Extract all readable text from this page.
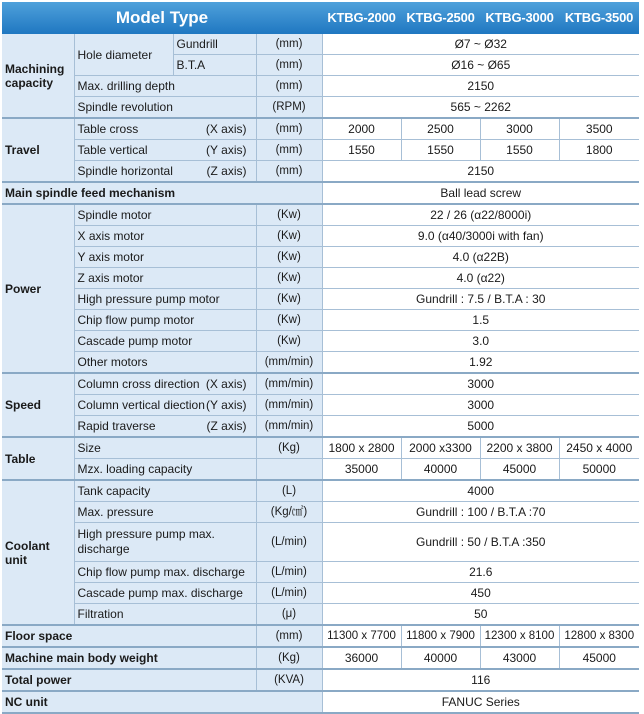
Model Type				KTBG-2000	KTBG-2500	KTBG-3000	KTBG-3500
Machining capacity	Hole diameter	Gundrill	(mm)	Ø7 ~ Ø32			
		B.T.A	(mm)	Ø16 ~ Ø65			
	Max. drilling depth		(mm)	2150			
	Spindle revolution		(RPM)	565 ~ 2262			
Travel	Table cross (X axis)		(mm)	2000	2500	3000	3500
	Table vertical (Y axis)		(mm)	1550	1550	1550	1800
	Spindle horizontal (Z axis)		(mm)	2150			
Main spindle feed mechanism				Ball lead screw			
Power	Spindle motor		(Kw)	22 / 26 (α22/8000i)			
	X axis motor		(Kw)	9.0 (α40/3000i with fan)			
	Y axis motor		(Kw)	4.0 (α22B)			
	Z axis motor		(Kw)	4.0 (α22)			
	High pressure pump motor		(Kw)	Gundrill : 7.5 / B.T.A : 30			
	Chip flow pump motor		(Kw)	1.5			
	Cascade pump motor		(Kw)	3.0			
	Other motors		(mm/min)	1.92			
Speed	Column cross direction (X axis)		(mm/min)	3000			
	Column vertical diection (Y axis)		(mm/min)	3000			
	Rapid traverse (Z axis)		(mm/min)	5000			
Table	Size		(Kg)	1800 x 2800	2000 x3300	2200 x 3800	2450 x 4000
	Mzx. loading capacity			35000	40000	45000	50000
Coolant unit	Tank capacity		(L)	4000			
	Max. pressure		(Kg/㎠)	Gundrill : 100 / B.T.A :70			
	High pressure pump max. discharge		(L/min)	Gundrill : 50 / B.T.A :350			
	Chip flow pump max. discharge		(L/min)	21.6			
	Cascade pump max. discharge		(L/min)	450			
	Filtration		(μ)	50			
Floor space			(mm)	11300 x 7700	11800 x 7900	12300 x 8100	12800 x 8300
Machine main body weight			(Kg)	36000	40000	43000	45000
Total power			(KVA)	116			
NC unit				FANUC Series			
